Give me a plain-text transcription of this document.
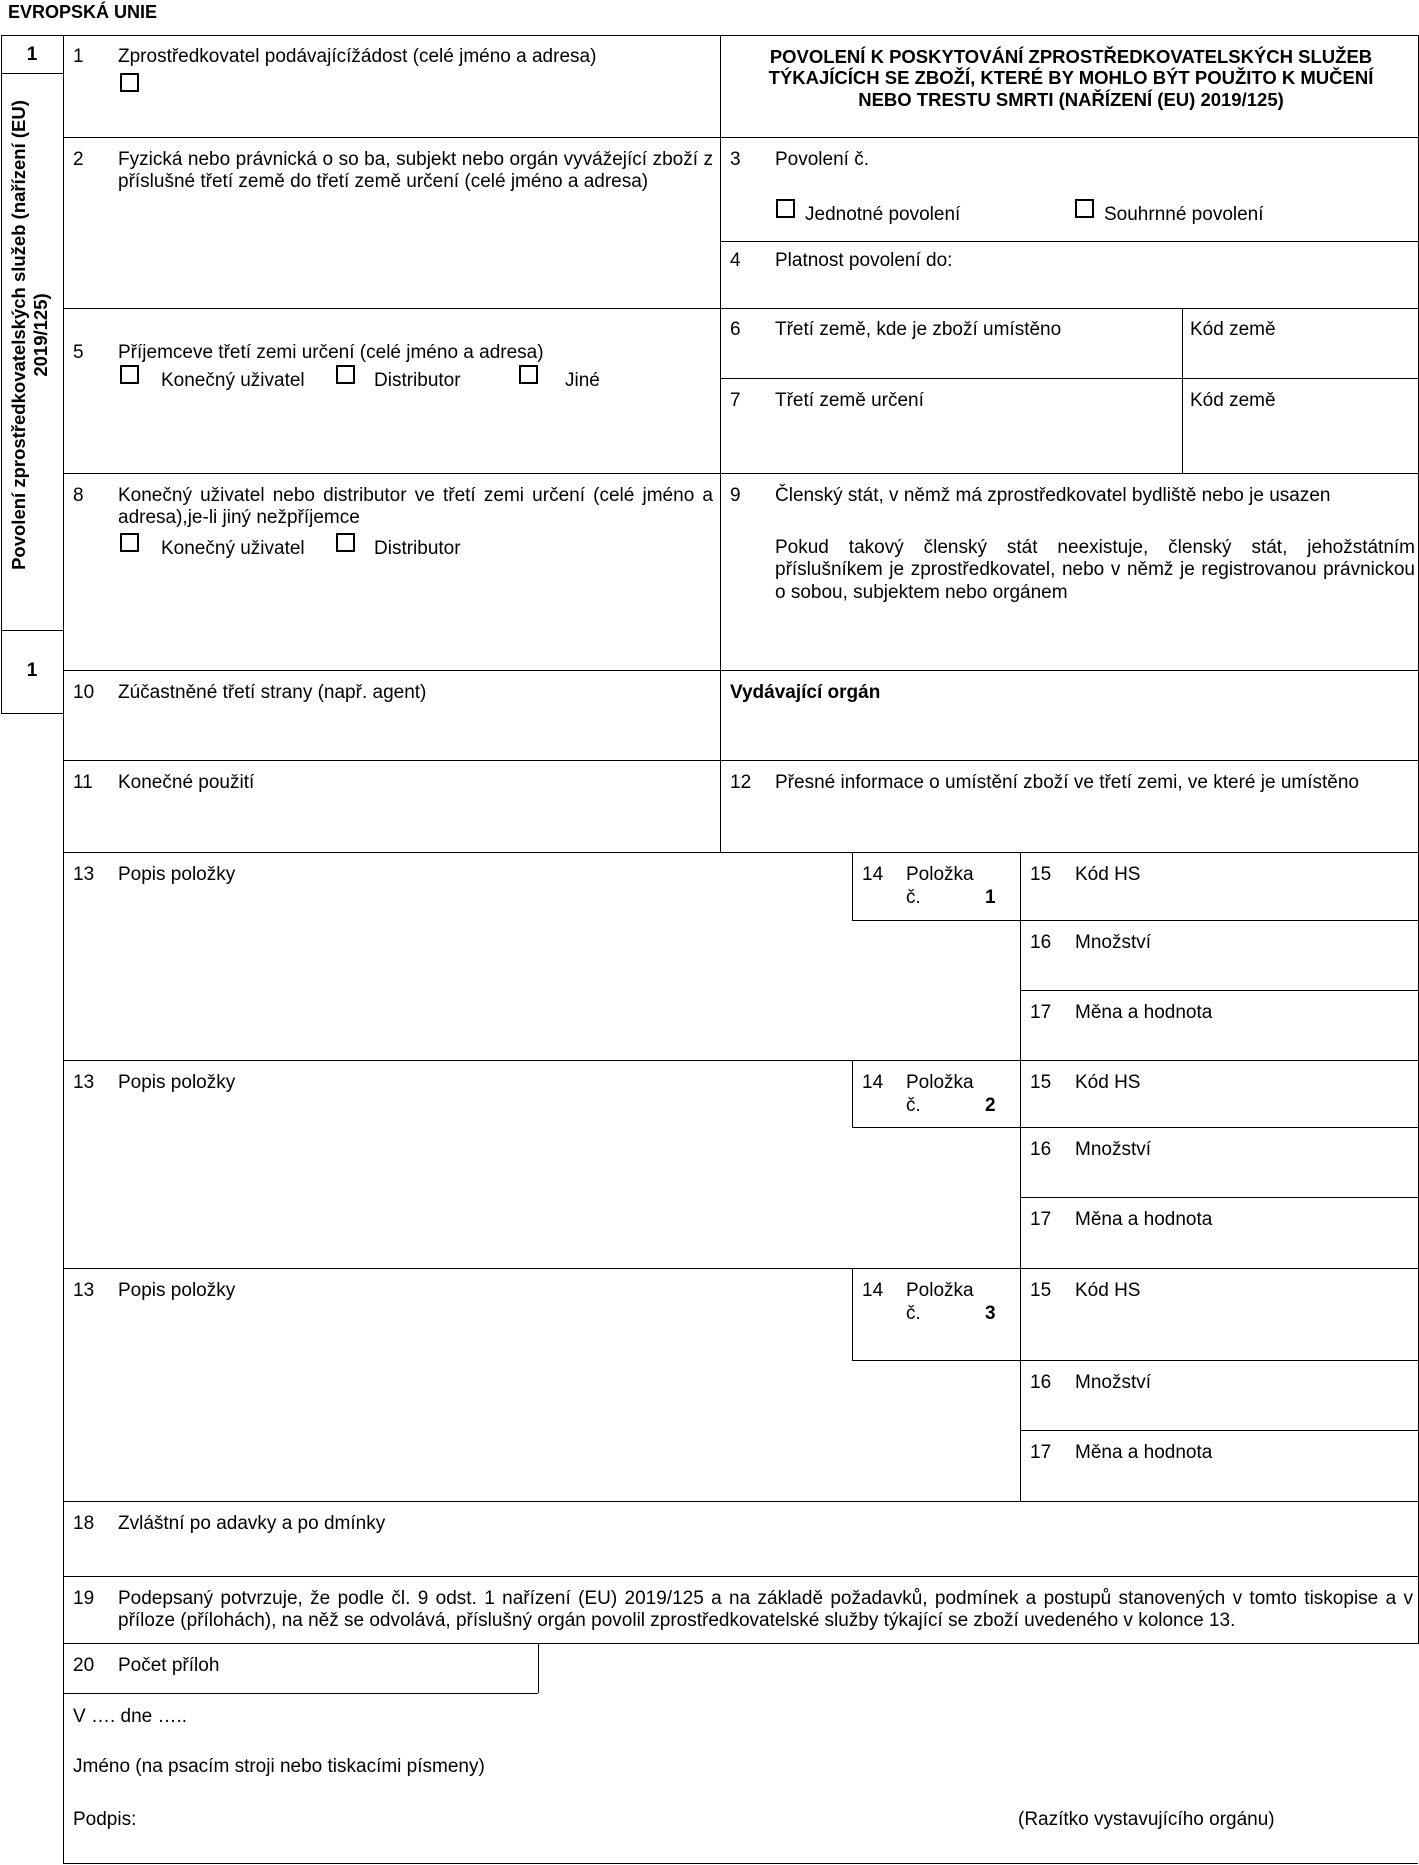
EVROPSKÁ UNIE
1
1
Povolení zprostředkovatelských služeb (nařízení (EU) 2019/125)
1 Zprostředkovatel podávajícížádost (celé jméno a adresa)	POVOLENÍ K POSKYTOVÁNÍ ZPROSTŘEDKOVATELSKÝCH SLUŽEB TÝKAJÍCÍCH SE ZBOŽÍ, KTERÉ BY MOHLO BÝT POUŽITO K MUČENÍ NEBO TRESTU SMRTI (NAŘÍZENÍ (EU) 2019/125)
2 Fyzická nebo právnická o so ba, subjekt nebo orgán vyvážející zboží z příslušné třetí země do třetí země určení (celé jméno a adresa)
3 Povolení č.
Jednotné povolení	Souhrnné povolení
4 Platnost povolení do:
5 Příjemceve třetí zemi určení (celé jméno a adresa)
Konečný uživatel	Distributor	Jiné
6 Třetí země, kde je zboží umístěno	Kód země
7 Třetí země určení	Kód země
8 Konečný uživatel nebo distributor ve třetí zemi určení (celé jméno a adresa),je-li jiný nežpříjemce
Konečný uživatel	Distributor
9 Členský stát, v němž má zprostředkovatel bydliště nebo je usazen
Pokud takový členský stát neexistuje, členský stát, jehožstátním příslušníkem je zprostředkovatel, nebo v němž je registrovanou právnickou o sobou, subjektem nebo orgánem
10 Zúčastněné třetí strany (např. agent)	Vydávající orgán
11 Konečné použití	12 Přesné informace o umístění zboží ve třetí zemi, ve které je umístěno
13 Popis položky	14 Položka
č.	1
15 Kód HS
16 Množství
17 Měna a hodnota
13 Popis položky	14 Položka
č.	2
15 Kód HS
16 Množství
17 Měna a hodnota
13 Popis položky	14 Položka
č.	3
15 Kód HS
16 Množství
17 Měna a hodnota
18 Zvláštní po adavky a po dmínky
19 Podepsaný potvrzuje, že podle čl. 9 odst. 1 nařízení (EU) 2019/125 a na základě požadavků, podmínek a postupů stanovených v tomto tiskopise a v příloze (přílohách), na něž se odvolává, příslušný orgán povolil zprostředkovatelské služby týkající se zboží uvedeného v kolonce 13.
20 Počet příloh
V …. dne …..
Jméno (na psacím stroji nebo tiskacími písmeny)
Podpis:	(Razítko vystavujícího orgánu)
